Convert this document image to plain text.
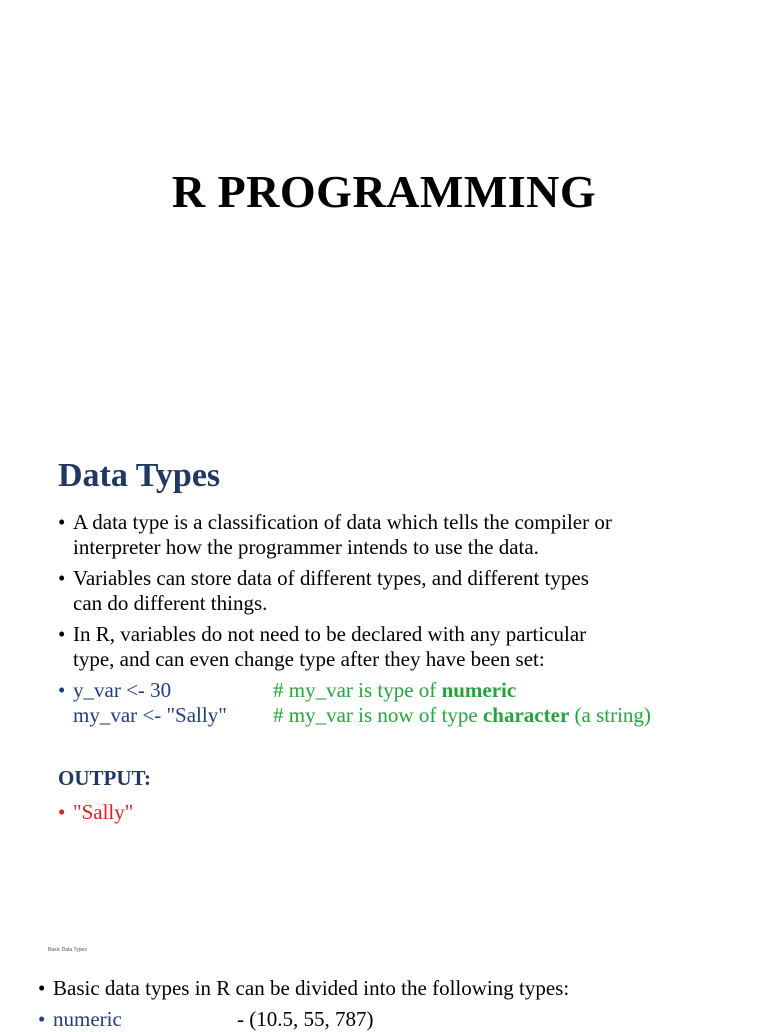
R PROGRAMMING
Data Types
• A data type is a classification of data which tells the compiler or
interpreter how the programmer intends to use the data.
• Variables can store data of different types, and different types
can do different things.
• In R, variables do not need to be declared with any particular
type, and can even change type after they have been set:
• y_var <- 30	# my_var is type of numeric
my_var <- "Sally" # my_var is now of type character (a string)
OUTPUT:
• "Sally"
Basic Data Types
• Basic data types in R can be divided into the following types:
• numeric	- (10.5, 55, 787)
